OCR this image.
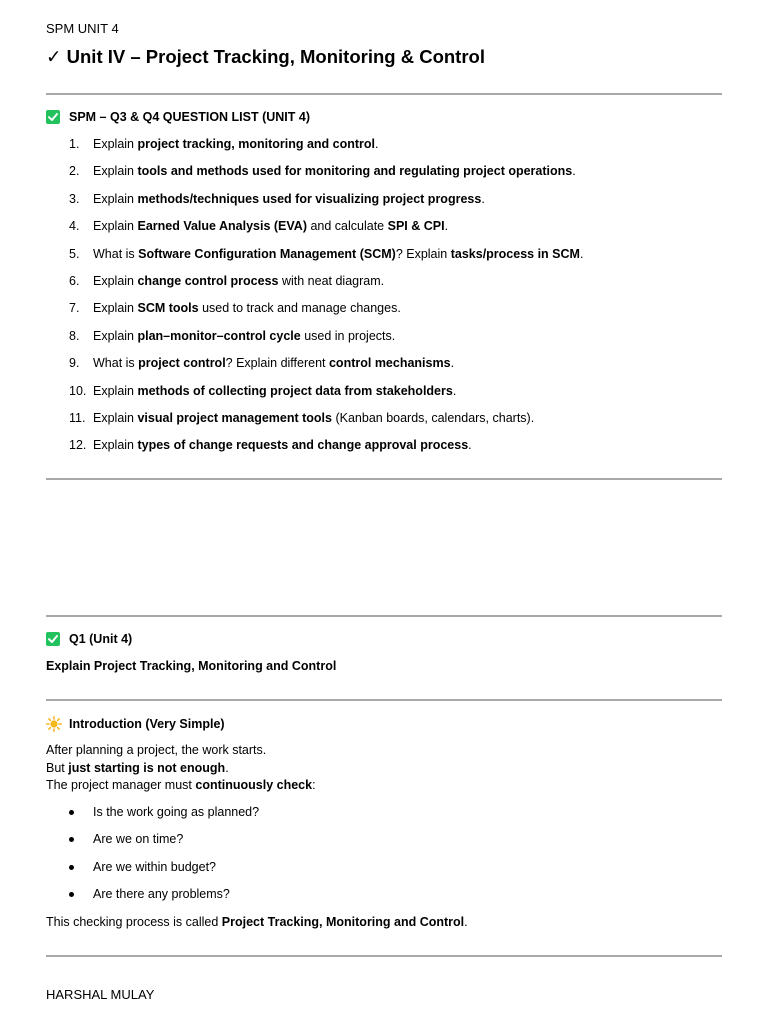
SPM UNIT 4
✓ Unit IV – Project Tracking, Monitoring & Control
SPM – Q3 & Q4 QUESTION LIST (UNIT 4)
1.	Explain project tracking, monitoring and control.
2.	Explain tools and methods used for monitoring and regulating project operations.
3.	Explain methods/techniques used for visualizing project progress.
4.	Explain Earned Value Analysis (EVA) and calculate SPI & CPI.
5.	What is Software Configuration Management (SCM)? Explain tasks/process in SCM.
6.	Explain change control process with neat diagram.
7.	Explain SCM tools used to track and manage changes.
8.	Explain plan–monitor–control cycle used in projects.
9.	What is project control? Explain different control mechanisms.
10. Explain methods of collecting project data from stakeholders.
11. Explain visual project management tools (Kanban boards, calendars, charts).
12. Explain types of change requests and change approval process.
Q1 (Unit 4)
Explain Project Tracking, Monitoring and Control
Introduction (Very Simple)
After planning a project, the work starts.
But just starting is not enough.
The project manager must continuously check:
Is the work going as planned?
Are we on time?
Are we within budget?
Are there any problems?
This checking process is called Project Tracking, Monitoring and Control.
HARSHAL MULAY
